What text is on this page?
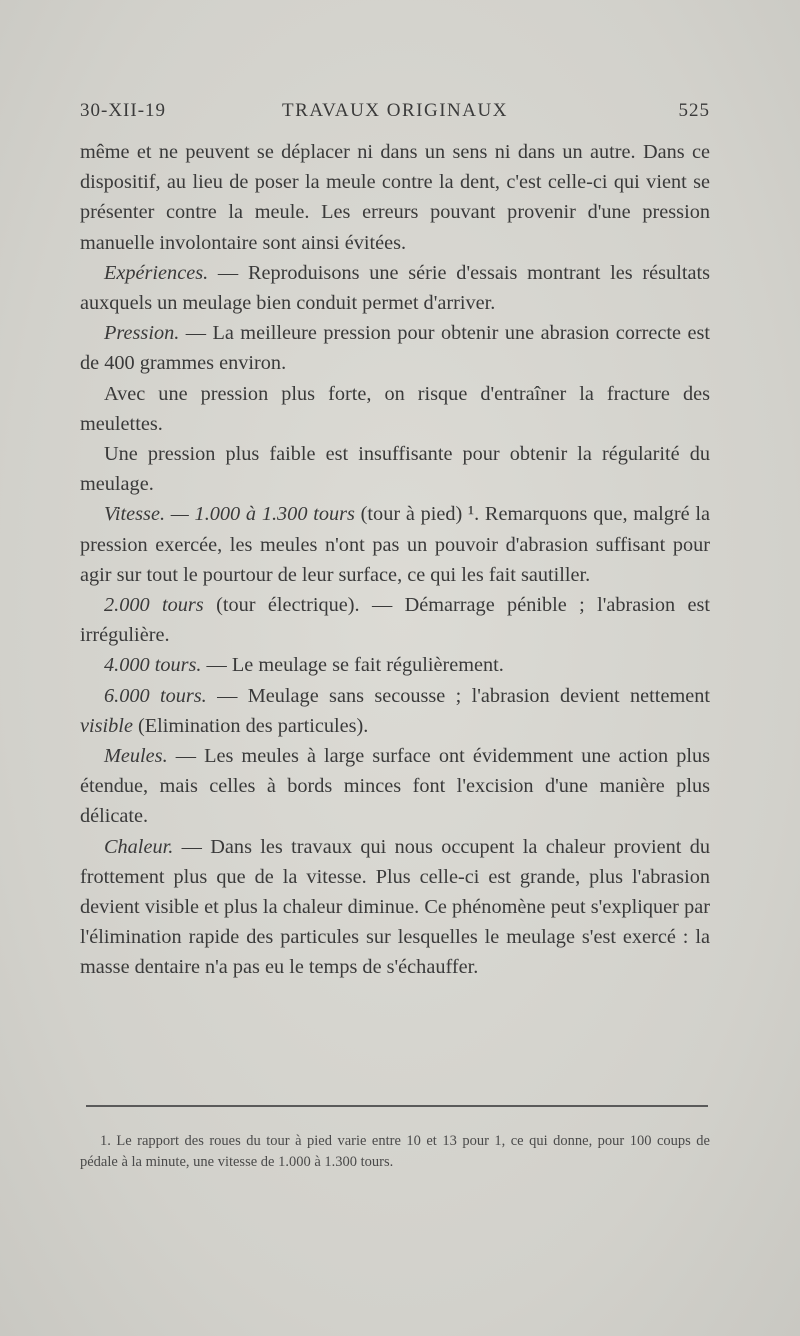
30-XII-19	TRAVAUX ORIGINAUX	525

même et ne peuvent se déplacer ni dans un sens ni dans un autre. Dans ce dispositif, au lieu de poser la meule contre la dent, c'est celle-ci qui vient se présenter contre la meule. Les erreurs pouvant provenir d'une pression manuelle involontaire sont ainsi évitées.

Expériences. — Reproduisons une série d'essais montrant les résultats auxquels un meulage bien conduit permet d'arriver.

Pression. — La meilleure pression pour obtenir une abrasion correcte est de 400 grammes environ.

Avec une pression plus forte, on risque d'entraîner la fracture des meulettes.

Une pression plus faible est insuffisante pour obtenir la régularité du meulage.

Vitesse. — 1.000 à 1.300 tours (tour à pied) ¹. Remarquons que, malgré la pression exercée, les meules n'ont pas un pouvoir d'abrasion suffisant pour agir sur tout le pourtour de leur surface, ce qui les fait sautiller.

2.000 tours (tour électrique). — Démarrage pénible ; l'abrasion est irrégulière.

4.000 tours. — Le meulage se fait régulièrement.

6.000 tours. — Meulage sans secousse ; l'abrasion devient nettement visible (Elimination des particules).

Meules. — Les meules à large surface ont évidemment une action plus étendue, mais celles à bords minces font l'excision d'une manière plus délicate.

Chaleur. — Dans les travaux qui nous occupent la chaleur provient du frottement plus que de la vitesse. Plus celle-ci est grande, plus l'abrasion devient visible et plus la chaleur diminue. Ce phénomène peut s'expliquer par l'élimination rapide des particules sur lesquelles le meulage s'est exercé : la masse dentaire n'a pas eu le temps de s'échauffer.

1. Le rapport des roues du tour à pied varie entre 10 et 13 pour 1, ce qui donne, pour 100 coups de pédale à la minute, une vitesse de 1.000 à 1.300 tours.
